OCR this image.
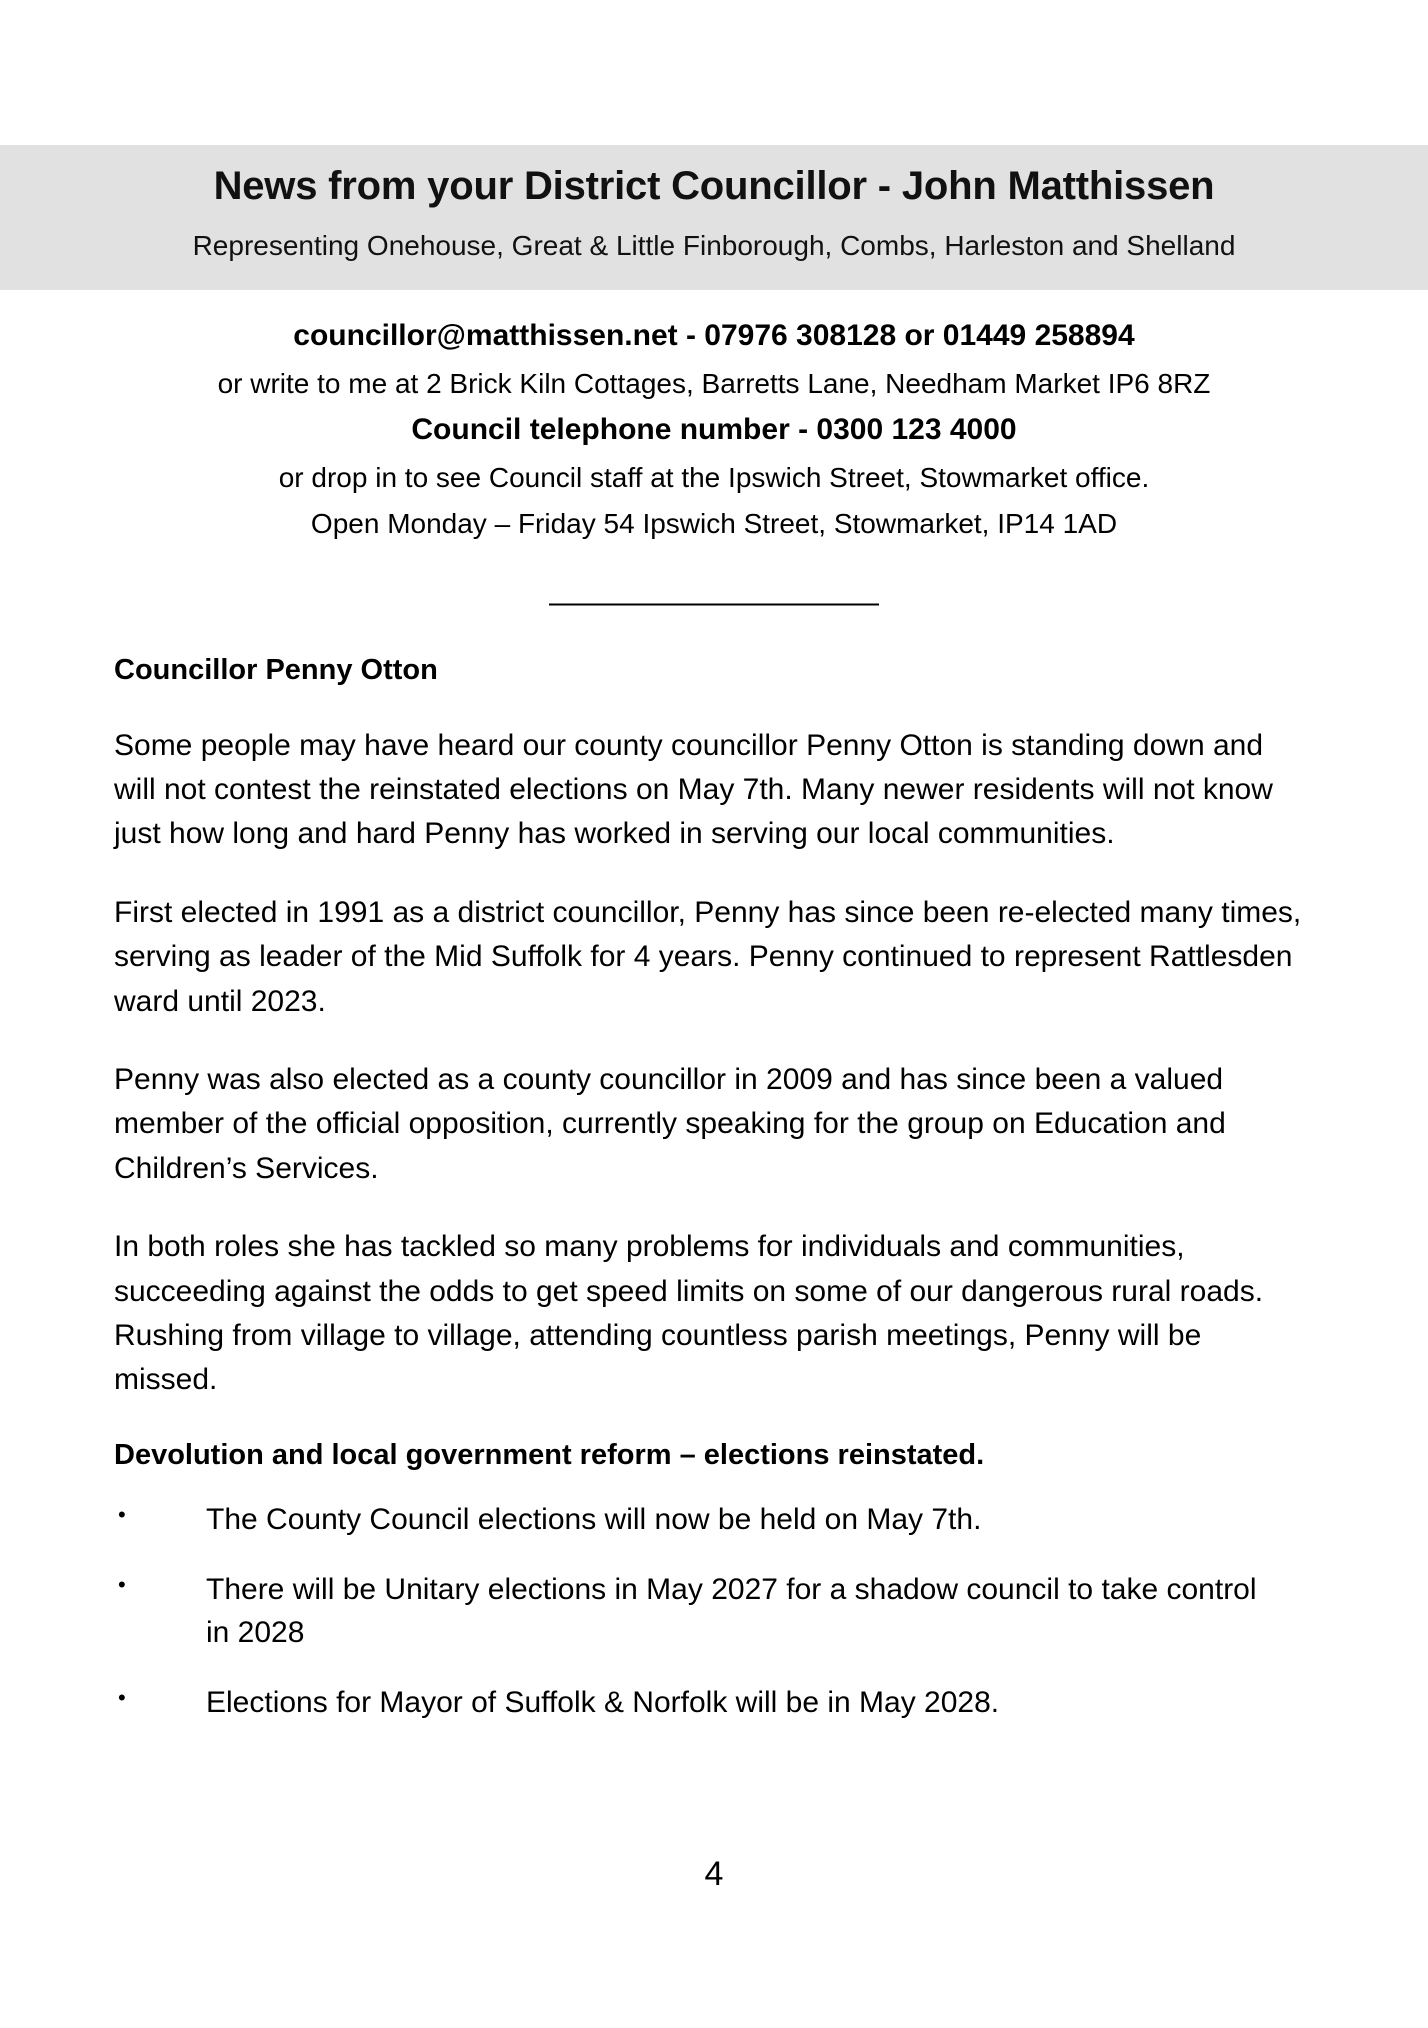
News from your District Councillor - John Matthissen
Representing Onehouse, Great & Little Finborough, Combs, Harleston and Shelland
councillor@matthissen.net - 07976 308128 or 01449 258894
or write to me at 2 Brick Kiln Cottages, Barretts Lane, Needham Market IP6 8RZ
Council telephone number - 0300 123 4000
or drop in to see Council staff at the Ipswich Street, Stowmarket office.
Open Monday – Friday 54 Ipswich Street, Stowmarket, IP14 1AD
———————————
Councillor Penny Otton

Some people may have heard our county councillor Penny Otton is standing down and will not contest the reinstated elections on May 7th. Many newer residents will not know just how long and hard Penny has worked in serving our local communities.

First elected in 1991 as a district councillor, Penny has since been re-elected many times, serving as leader of the Mid Suffolk for 4 years. Penny continued to represent Rattlesden ward until 2023.

Penny was also elected as a county councillor in 2009 and has since been a valued member of the official opposition, currently speaking for the group on Education and Children’s Services.

In both roles she has tackled so many problems for individuals and communities, succeeding against the odds to get speed limits on some of our dangerous rural roads. Rushing from village to village, attending countless parish meetings, Penny will be missed.

Devolution and local government reform – elections reinstated.
•	The County Council elections will now be held on May 7th.
•	There will be Unitary elections in May 2027 for a shadow council to take control in 2028
•	Elections for Mayor of Suffolk & Norfolk will be in May 2028.
4
